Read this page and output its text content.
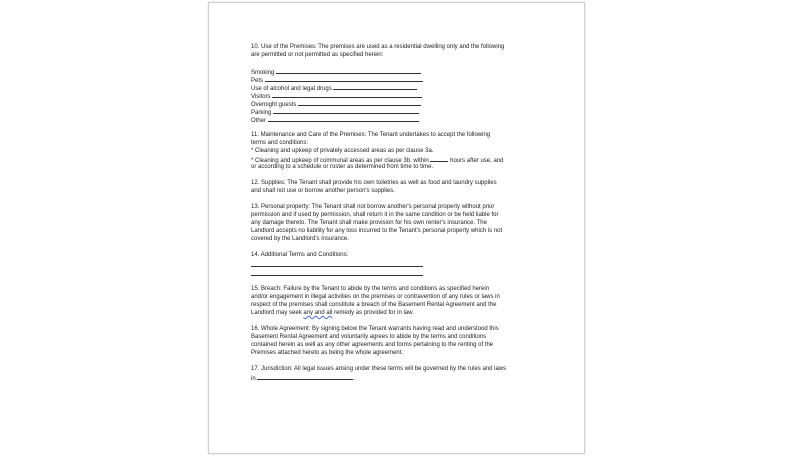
10. Use of the Premises: The premises are used as a residential dwelling only and the following
are permitted or not permitted as specified herein:
Smoking
Pets
Use of alcohol and legal drugs
Visitors
Overnight guests
Parking
Other
11. Maintenance and Care of the Premises: The Tenant undertakes to accept the following
terms and conditions:
* Cleaning and upkeep of privately accessed areas as per clause 3a.
* Cleaning and upkeep of communal areas as per clause 3b. within	hours after use, and
or according to a schedule or roster as determined from time to time.
12. Supplies: The Tenant shall provide his own toiletries as well as food and laundry supplies
and shall not use or borrow another person's supplies.
13. Personal property: The Tenant shall not borrow another's personal property without prior
permission and if used by permission, shall return it in the same condition or be held liable for
any damage thereto. The Tenant shall make provision for his own renter's insurance. The
Landlord accepts no liability for any loss incurred to the Tenant's personal property which is not
covered by the Landlord's insurance.
14. Additional Terms and Conditions:
15. Breach: Failure by the Tenant to abide by the terms and conditions as specified herein
and/or engagement in illegal activities on the premises or contravention of any rules or laws in
respect of the premises shall constitute a breach of the Basement Rental Agreement and the
Landlord may seek any and all remedy as provided for in law.
16. Whole Agreement: By signing below the Tenant warrants having read and understood this
Basement Rental Agreement and voluntarily agrees to abide by the terms and conditions
contained herein as well as any other agreements and forms pertaining to the renting of the
Premises attached hereto as being the whole agreement.
17. Jurisdiction: All legal issues arising under these terms will be governed by the rules and laws
in	.
